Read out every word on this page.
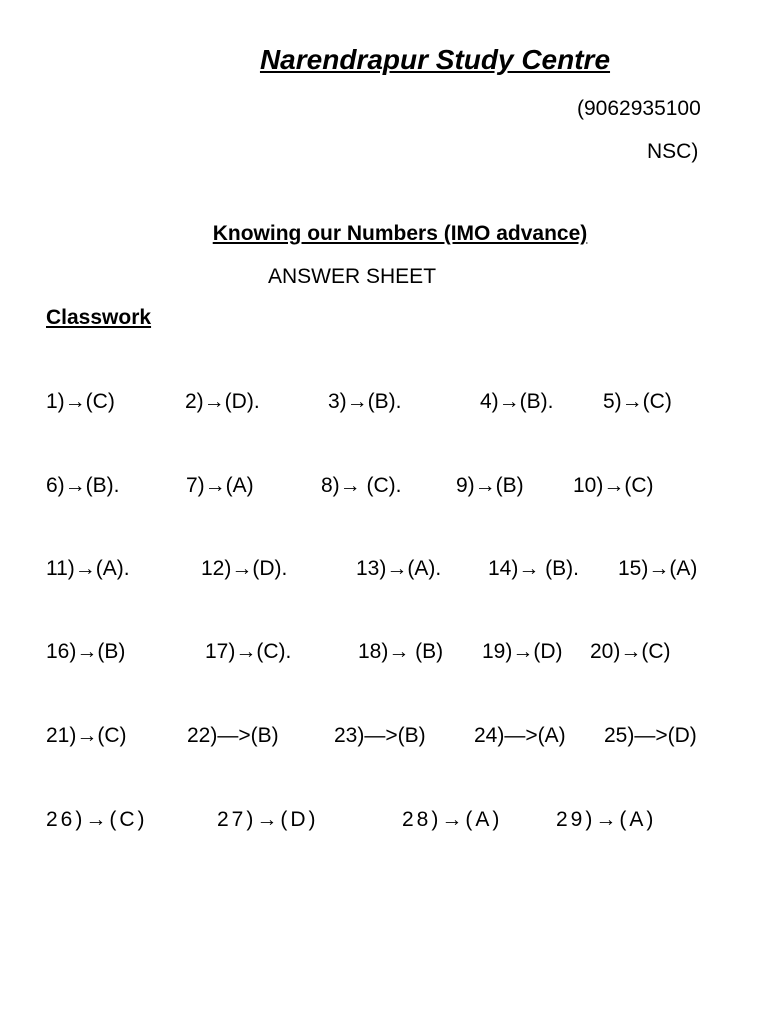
Narendrapur Study Centre
(9062935100
NSC)
Knowing our Numbers (IMO advance)
ANSWER SHEET
Classwork
1)→(C)	2)→(D).	3)→(B).	4)→(B). 5)→(C)
6)→(B).	7)→(A)	8)→ (C).	9)→(B) 10)→(C)
11)→(A).	12)→(D).	13)→(A). 14)→ (B). 15)→(A)
16)→(B)	17)→(C).	18)→ (B) 19)→(D) 20)→(C)
21)→(C)	22)—>(B)	23)—>(B) 24)—>(A) 25)—>(D)
26)→(C)	27)→(D)	28)→(A)	29)→(A)
